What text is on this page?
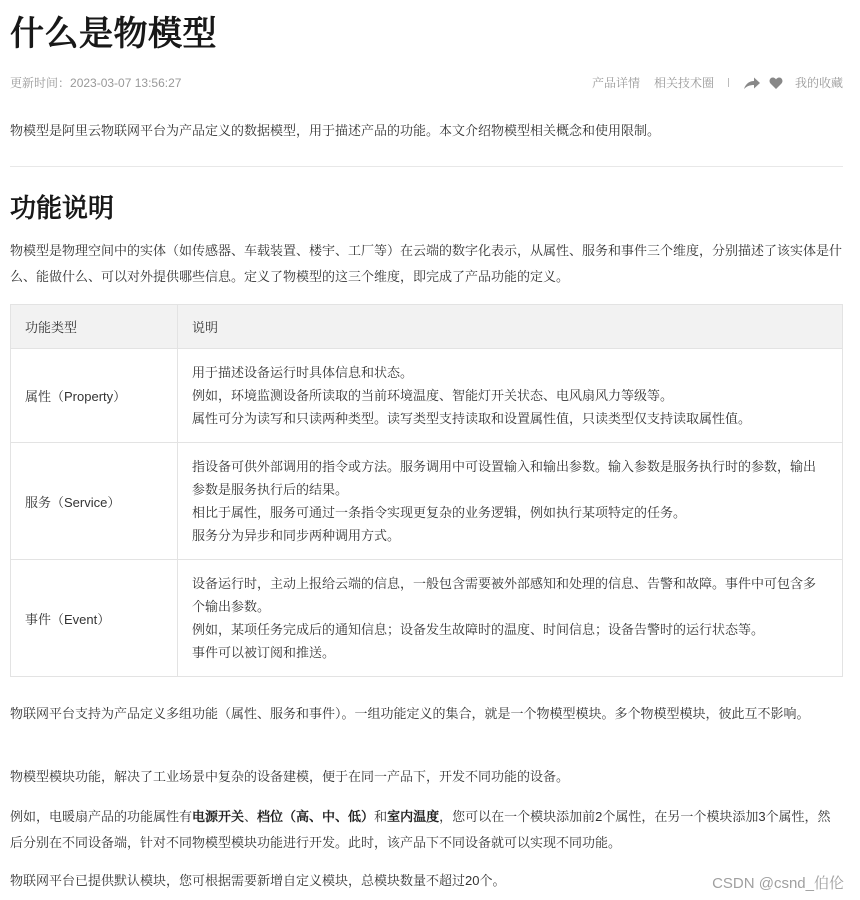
什么是物模型
更新时间：2023-03-07 13:56:27	产品详情 相关技术圈	我的收藏

物模型是阿里云物联网平台为产品定义的数据模型，用于描述产品的功能。本文介绍物模型相关概念和使用限制。

功能说明

物模型是物理空间中的实体（如传感器、车载装置、楼宇、工厂等）在云端的数字化表示，从属性、服务和事件三个维度，分别描述了该实体是什么、能做什么、可以对外提供哪些信息。定义了物模型的这三个维度，即完成了产品功能的定义。

功能类型	说明
属性（Property）	用于描述设备运行时具体信息和状态。
例如，环境监测设备所读取的当前环境温度、智能灯开关状态、电风扇风力等级等。
属性可分为读写和只读两种类型。读写类型支持读取和设置属性值，只读类型仅支持读取属性值。

服务（Service）	指设备可供外部调用的指令或方法。服务调用中可设置输入和输出参数。输入参数是服务执行时的参数，输出参数是服务执行后的结果。
相比于属性，服务可通过一条指令实现更复杂的业务逻辑，例如执行某项特定的任务。
服务分为异步和同步两种调用方式。

事件（Event）	设备运行时，主动上报给云端的信息，一般包含需要被外部感知和处理的信息、告警和故障。事件中可包含多个输出参数。
例如，某项任务完成后的通知信息；设备发生故障时的温度、时间信息；设备告警时的运行状态等。
事件可以被订阅和推送。

物联网平台支持为产品定义多组功能（属性、服务和事件）。一组功能定义的集合，就是一个物模型模块。多个物模型模块，彼此互不影响。

物模型模块功能，解决了工业场景中复杂的设备建模，便于在同一产品下，开发不同功能的设备。

例如，电暖扇产品的功能属性有电源开关、档位（高、中、低）和室内温度，您可以在一个模块添加前2个属性，在另一个模块添加3个属性，然后分别在不同设备端，针对不同物模型模块功能进行开发。此时，该产品下不同设备就可以实现不同功能。

物联网平台已提供默认模块，您可根据需要新增自定义模块，总模块数量不超过20个。	CSDN @csnd_伯伦
